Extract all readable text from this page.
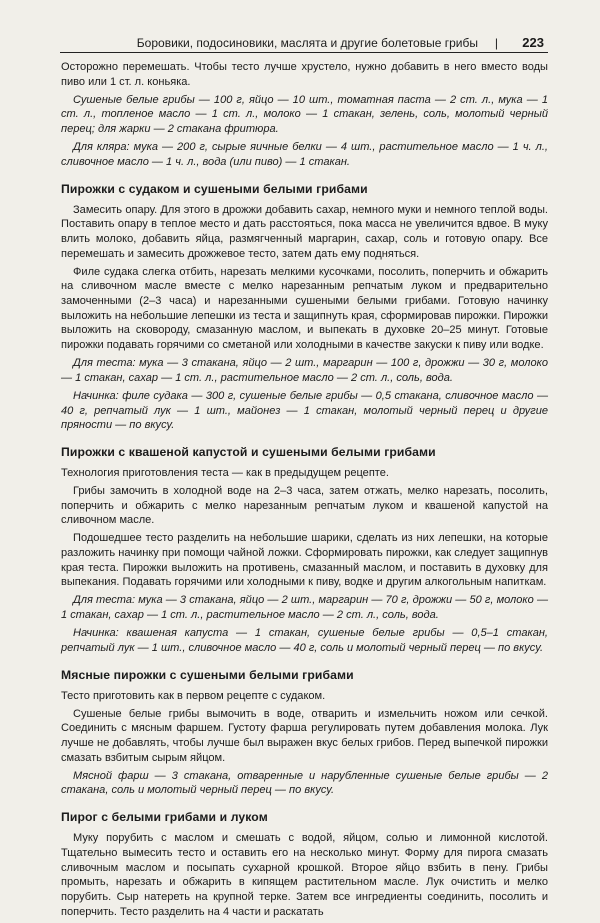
Боровики, подосиновики, маслята и другие болетовые грибы | 223

Осторожно перемешать. Чтобы тесто лучше хрустело, нужно добавить в него вместо воды пиво или 1 ст. л. коньяка.

Сушеные белые грибы — 100 г, яйцо — 10 шт., томатная паста — 2 ст. л., мука — 1 ст. л., топленое масло — 1 ст. л., молоко — 1 стакан, зелень, соль, молотый черный перец; для жарки — 2 стакана фритюра.

Для кляра: мука — 200 г, сырые яичные белки — 4 шт., растительное масло — 1 ч. л., сливочное масло — 1 ч. л., вода (или пиво) — 1 стакан.

Пирожки с судаком и сушеными белыми грибами

Замесить опару. Для этого в дрожжи добавить сахар, немного муки и немного теплой воды. Поставить опару в теплое место и дать расстояться, пока масса не увеличится вдвое. В муку влить молоко, добавить яйца, размягченный маргарин, сахар, соль и готовую опару. Все перемешать и замесить дрожжевое тесто, затем дать ему подняться.

Филе судака слегка отбить, нарезать мелкими кусочками, посолить, поперчить и обжарить на сливочном масле вместе с мелко нарезанным репчатым луком и предварительно замоченными (2–3 часа) и нарезанными сушеными белыми грибами. Готовую начинку выложить на небольшие лепешки из теста и защипнуть края, сформировав пирожки. Пирожки выложить на сковороду, смазанную маслом, и выпекать в духовке 20–25 минут. Готовые пирожки подавать горячими со сметаной или холодными в качестве закуски к пиву или водке.

Для теста: мука — 3 стакана, яйцо — 2 шт., маргарин — 100 г, дрожжи — 30 г, молоко — 1 стакан, сахар — 1 ст. л., растительное масло — 2 ст. л., соль, вода.

Начинка: филе судака — 300 г, сушеные белые грибы — 0,5 стакана, сливочное масло — 40 г, репчатый лук — 1 шт., майонез — 1 стакан, молотый черный перец и другие пряности — по вкусу.

Пирожки с квашеной капустой и сушеными белыми грибами

Технология приготовления теста — как в предыдущем рецепте.

Грибы замочить в холодной воде на 2–3 часа, затем отжать, мелко нарезать, посолить, поперчить и обжарить с мелко нарезанным репчатым луком и квашеной капустой на сливочном масле.

Подошедшее тесто разделить на небольшие шарики, сделать из них лепешки, на которые разложить начинку при помощи чайной ложки. Сформировать пирожки, как следует защипнув края теста. Пирожки выложить на противень, смазанный маслом, и поставить в духовку для выпекания. Подавать горячими или холодными к пиву, водке и другим алкогольным напиткам.

Для теста: мука — 3 стакана, яйцо — 2 шт., маргарин — 70 г, дрожжи — 50 г, молоко — 1 стакан, сахар — 1 ст. л., растительное масло — 2 ст. л., соль, вода.

Начинка: квашеная капуста — 1 стакан, сушеные белые грибы — 0,5–1 стакан, репчатый лук — 1 шт., сливочное масло — 40 г, соль и молотый черный перец — по вкусу.

Мясные пирожки с сушеными белыми грибами

Тесто приготовить как в первом рецепте с судаком.

Сушеные белые грибы вымочить в воде, отварить и измельчить ножом или сечкой. Соединить с мясным фаршем. Густоту фарша регулировать путем добавления молока. Лук лучше не добавлять, чтобы лучше был выражен вкус белых грибов. Перед выпечкой пирожки смазать взбитым сырым яйцом.

Мясной фарш — 3 стакана, отваренные и нарубленные сушеные белые грибы — 2 стакана, соль и молотый черный перец — по вкусу.

Пирог с белыми грибами и луком

Муку порубить с маслом и смешать с водой, яйцом, солью и лимонной кислотой. Тщательно вымесить тесто и оставить его на несколько минут. Форму для пирога смазать сливочным маслом и посыпать сухарной крошкой. Второе яйцо взбить в пену. Грибы промыть, нарезать и обжарить в кипящем растительном масле. Лук очистить и мелко порубить. Сыр натереть на крупной терке. Затем все ингредиенты соединить, посолить и поперчить. Тесто разделить на 4 части и раскатать
